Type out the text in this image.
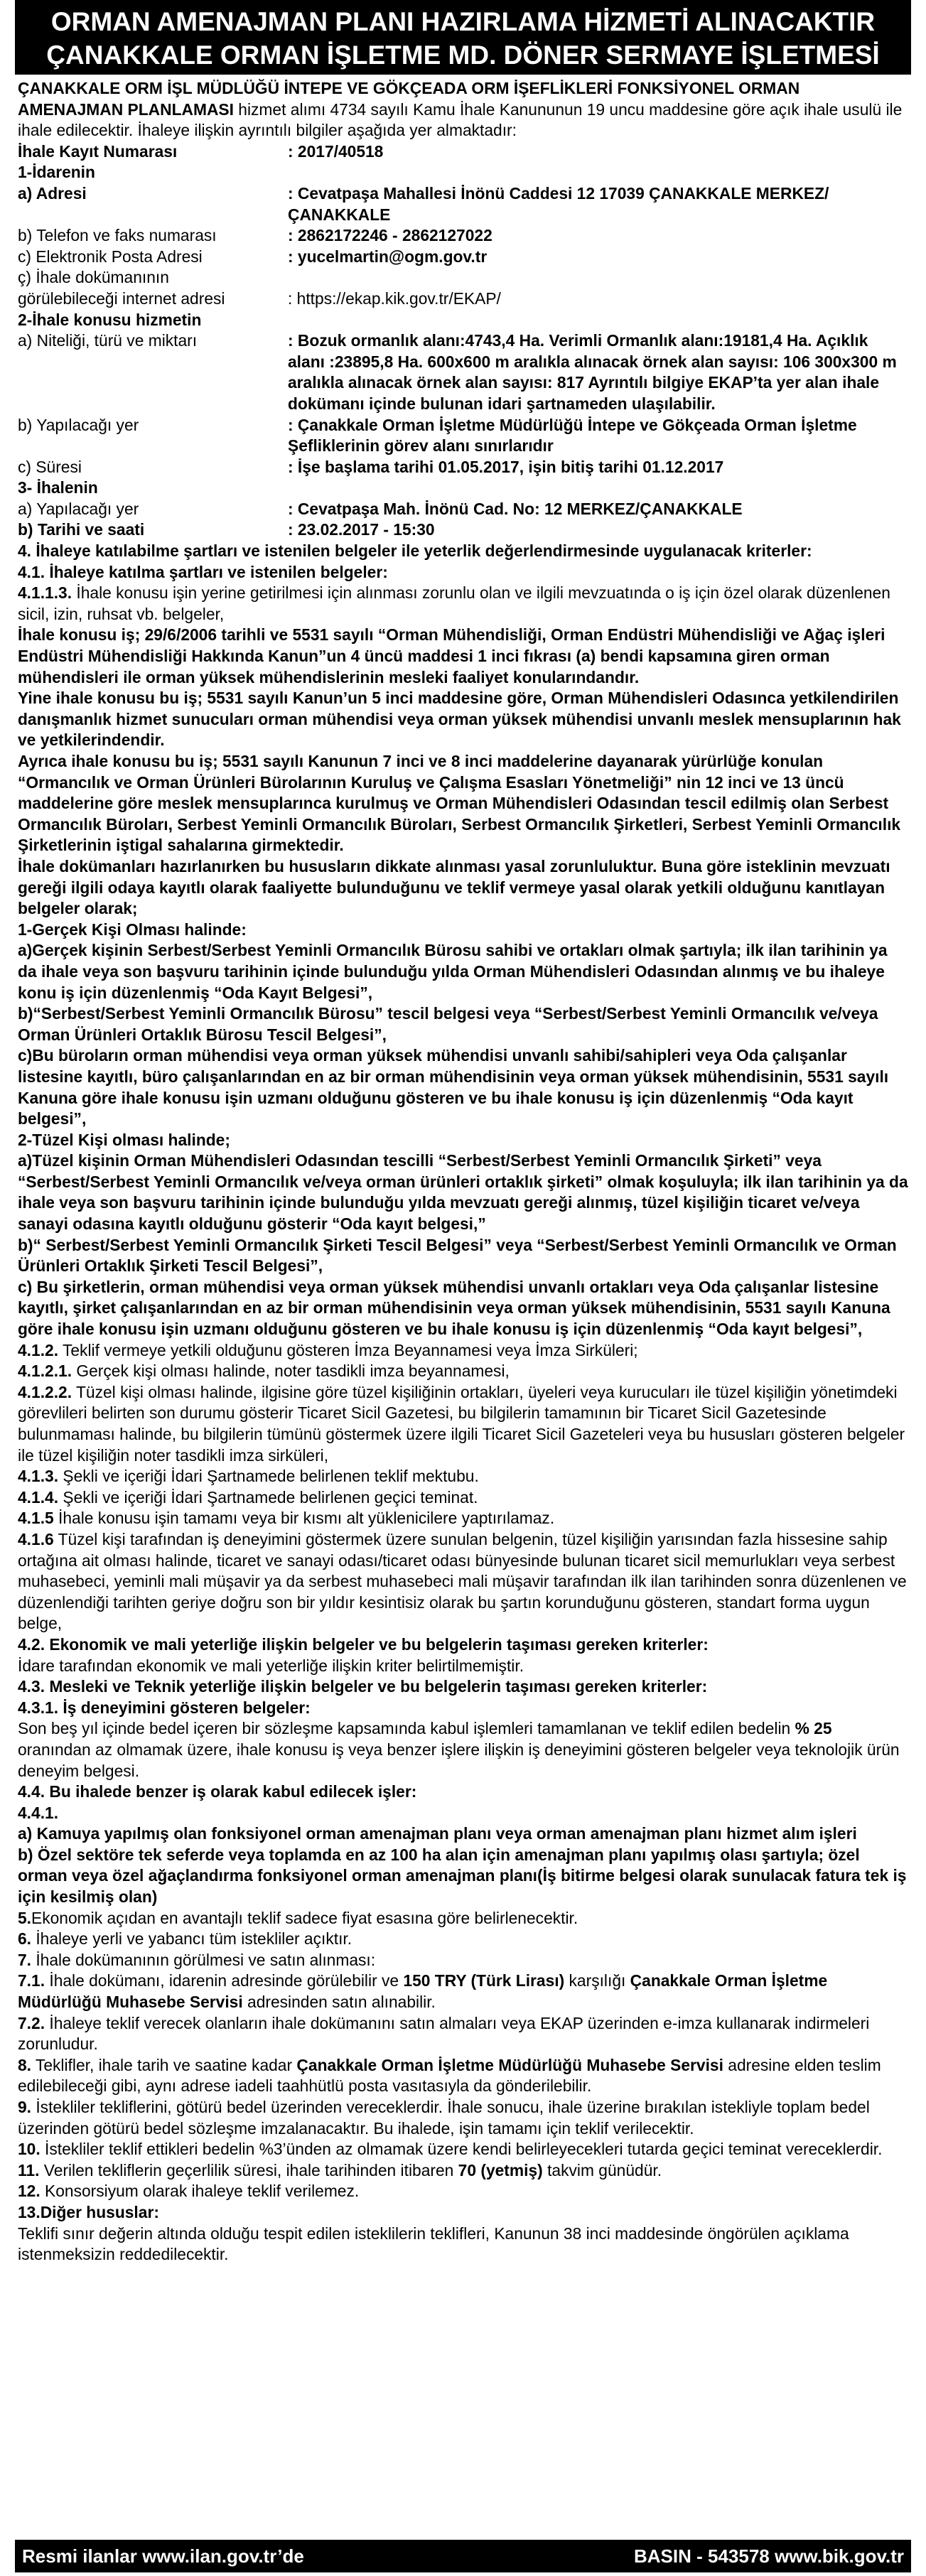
ORMAN AMENAJMAN PLANI HAZIRLAMA HİZMETİ ALINACAKTIR
ÇANAKKALE ORMAN İŞLETME MD. DÖNER SERMAYE İŞLETMESİ

ÇANAKKALE ORM İŞL MÜDLÜĞÜ İNTEPE VE GÖKÇEADA ORM İŞEFLİKLERİ FONKSİYONEL ORMAN AMENAJMAN PLANLAMASI hizmet alımı 4734 sayılı Kamu İhale Kanununun 19 uncu maddesine göre açık ihale usulü ile ihale edilecektir. İhaleye ilişkin ayrıntılı bilgiler aşağıda yer almaktadır:

İhale Kayıt Numarası	: 2017/40518

1-İdarenin

a) Adresi	: Cevatpaşa Mahallesi İnönü Caddesi 12 17039 ÇANAKKALE MERKEZ/ÇANAKKALE
b) Telefon ve faks numarası	: 2862172246 - 2862127022
c) Elektronik Posta Adresi	: yucelmartin@ogm.gov.tr
ç) İhale dokümanının
görülebileceği internet adresi	: https://ekap.kik.gov.tr/EKAP/

2-İhale konusu hizmetin

a) Niteliği, türü ve miktarı	: Bozuk ormanlık alanı:4743,4 Ha. Verimli Ormanlık alanı:19181,4 Ha. Açıklık alanı :23895,8 Ha. 600x600 m aralıkla alınacak örnek alan sayısı: 106 300x300 m aralıkla alınacak örnek alan sayısı: 817 Ayrıntılı bilgiye EKAP’ta yer alan ihale dokümanı içinde bulunan idari şartnameden ulaşılabilir.
b) Yapılacağı yer	: Çanakkale Orman İşletme Müdürlüğü İntepe ve Gökçeada Orman İşletme Şefliklerinin görev alanı sınırlarıdır
c) Süresi	: İşe başlama tarihi 01.05.2017, işin bitiş tarihi 01.12.2017

3- İhalenin

a) Yapılacağı yer	: Cevatpaşa Mah. İnönü Cad. No: 12 MERKEZ/ÇANAKKALE
b) Tarihi ve saati	: 23.02.2017 - 15:30

4. İhaleye katılabilme şartları ve istenilen belgeler ile yeterlik değerlendirmesinde uygulanacak kriterler:

4.1. İhaleye katılma şartları ve istenilen belgeler:

4.1.1.3. İhale konusu işin yerine getirilmesi için alınması zorunlu olan ve ilgili mevzuatında o iş için özel olarak düzenlenen sicil, izin, ruhsat vb. belgeler,

İhale konusu iş; 29/6/2006 tarihli ve 5531 sayılı “Orman Mühendisliği, Orman Endüstri Mühendisliği ve Ağaç işleri Endüstri Mühendisliği Hakkında Kanun”un 4 üncü maddesi 1 inci fıkrası (a) bendi kapsamına giren orman mühendisleri ile orman yüksek mühendislerinin mesleki faaliyet konularındandır.

Yine ihale konusu bu iş; 5531 sayılı Kanun’un 5 inci maddesine göre, Orman Mühendisleri Odasınca yetkilendirilen danışmanlık hizmet sunucuları orman mühendisi veya orman yüksek mühendisi unvanlı meslek mensuplarının hak ve yetkilerindendir.

Ayrıca ihale konusu bu iş; 5531 sayılı Kanunun 7 inci ve 8 inci maddelerine dayanarak yürürlüğe konulan “Ormancılık ve Orman Ürünleri Bürolarının Kuruluş ve Çalışma Esasları Yönetmeliği” nin 12 inci ve 13 üncü maddelerine göre meslek mensuplarınca kurulmuş ve Orman Mühendisleri Odasından tescil edilmiş olan Serbest Ormancılık Büroları, Serbest Yeminli Ormancılık Büroları, Serbest Ormancılık Şirketleri, Serbest Yeminli Ormancılık Şirketlerinin iştigal sahalarına girmektedir.

İhale dokümanları hazırlanırken bu hususların dikkate alınması yasal zorunluluktur. Buna göre isteklinin mevzuatı gereği ilgili odaya kayıtlı olarak faaliyette bulunduğunu ve teklif vermeye yasal olarak yetkili olduğunu kanıtlayan belgeler olarak;

1-Gerçek Kişi Olması halinde:

a)Gerçek kişinin Serbest/Serbest Yeminli Ormancılık Bürosu sahibi ve ortakları olmak şartıyla; ilk ilan tarihinin ya da ihale veya son başvuru tarihinin içinde bulunduğu yılda Orman Mühendisleri Odasından alınmış ve bu ihaleye konu iş için düzenlenmiş “Oda Kayıt Belgesi”,

b)“Serbest/Serbest Yeminli Ormancılık Bürosu” tescil belgesi veya “Serbest/Serbest Yeminli Ormancılık ve/veya Orman Ürünleri Ortaklık Bürosu Tescil Belgesi”,

c)Bu büroların orman mühendisi veya orman yüksek mühendisi unvanlı sahibi/sahipleri veya Oda çalışanlar listesine kayıtlı, büro çalışanlarından en az bir orman mühendisinin veya orman yüksek mühendisinin, 5531 sayılı Kanuna göre ihale konusu işin uzmanı olduğunu gösteren ve bu ihale konusu iş için düzenlenmiş “Oda kayıt belgesi”,

2-Tüzel Kişi olması halinde;

a)Tüzel kişinin Orman Mühendisleri Odasından tescilli “Serbest/Serbest Yeminli Ormancılık Şirketi” veya “Serbest/Serbest Yeminli Ormancılık ve/veya orman ürünleri ortaklık şirketi” olmak koşuluyla; ilk ilan tarihinin ya da ihale veya son başvuru tarihinin içinde bulunduğu yılda mevzuatı gereği alınmış, tüzel kişiliğin ticaret ve/veya sanayi odasına kayıtlı olduğunu gösterir “Oda kayıt belgesi,”

b)“ Serbest/Serbest Yeminli Ormancılık Şirketi Tescil Belgesi” veya “Serbest/Serbest Yeminli Ormancılık ve Orman Ürünleri Ortaklık Şirketi Tescil Belgesi”,

c) Bu şirketlerin, orman mühendisi veya orman yüksek mühendisi unvanlı ortakları veya Oda çalışanlar listesine kayıtlı, şirket çalışanlarından en az bir orman mühendisinin veya orman yüksek mühendisinin, 5531 sayılı Kanuna göre ihale konusu işin uzmanı olduğunu gösteren ve bu ihale konusu iş için düzenlenmiş “Oda kayıt belgesi”,

4.1.2. Teklif vermeye yetkili olduğunu gösteren İmza Beyannamesi veya İmza Sirküleri;

4.1.2.1. Gerçek kişi olması halinde, noter tasdikli imza beyannamesi,

4.1.2.2. Tüzel kişi olması halinde, ilgisine göre tüzel kişiliğinin ortakları, üyeleri veya kurucuları ile tüzel kişiliğin yönetimdeki görevlileri belirten son durumu gösterir Ticaret Sicil Gazetesi, bu bilgilerin tamamının bir Ticaret Sicil Gazetesinde bulunmaması halinde, bu bilgilerin tümünü göstermek üzere ilgili Ticaret Sicil Gazeteleri veya bu hususları gösteren belgeler ile tüzel kişiliğin noter tasdikli imza sirküleri,

4.1.3. Şekli ve içeriği İdari Şartnamede belirlenen teklif mektubu.

4.1.4. Şekli ve içeriği İdari Şartnamede belirlenen geçici teminat.

4.1.5 İhale konusu işin tamamı veya bir kısmı alt yüklenicilere yaptırılamaz.

4.1.6 Tüzel kişi tarafından iş deneyimini göstermek üzere sunulan belgenin, tüzel kişiliğin yarısından fazla hissesine sahip ortağına ait olması halinde, ticaret ve sanayi odası/ticaret odası bünyesinde bulunan ticaret sicil memurlukları veya serbest muhasebeci, yeminli mali müşavir ya da serbest muhasebeci mali müşavir tarafından ilk ilan tarihinden sonra düzenlenen ve düzenlendiği tarihten geriye doğru son bir yıldır kesintisiz olarak bu şartın korunduğunu gösteren, standart forma uygun belge,

4.2. Ekonomik ve mali yeterliğe ilişkin belgeler ve bu belgelerin taşıması gereken kriterler:

İdare tarafından ekonomik ve mali yeterliğe ilişkin kriter belirtilmemiştir.

4.3. Mesleki ve Teknik yeterliğe ilişkin belgeler ve bu belgelerin taşıması gereken kriterler:

4.3.1. İş deneyimini gösteren belgeler:

Son beş yıl içinde bedel içeren bir sözleşme kapsamında kabul işlemleri tamamlanan ve teklif edilen bedelin % 25 oranından az olmamak üzere, ihale konusu iş veya benzer işlere ilişkin iş deneyimini gösteren belgeler veya teknolojik ürün deneyim belgesi.

4.4. Bu ihalede benzer iş olarak kabul edilecek işler:

4.4.1.

a) Kamuya yapılmış olan fonksiyonel orman amenajman planı veya orman amenajman planı hizmet alım işleri

b) Özel sektöre tek seferde veya toplamda en az 100 ha alan için amenajman planı yapılmış olası şartıyla; özel orman veya özel ağaçlandırma fonksiyonel orman amenajman planı(İş bitirme belgesi olarak sunulacak fatura tek iş için kesilmiş olan)

5.Ekonomik açıdan en avantajlı teklif sadece fiyat esasına göre belirlenecektir.

6. İhaleye yerli ve yabancı tüm istekliler açıktır.

7. İhale dokümanının görülmesi ve satın alınması:

7.1. İhale dokümanı, idarenin adresinde görülebilir ve 150 TRY (Türk Lirası) karşılığı Çanakkale Orman İşletme Müdürlüğü Muhasebe Servisi adresinden satın alınabilir.

7.2. İhaleye teklif verecek olanların ihale dokümanını satın almaları veya EKAP üzerinden e-imza kullanarak indirmeleri zorunludur.

8. Teklifler, ihale tarih ve saatine kadar Çanakkale Orman İşletme Müdürlüğü Muhasebe Servisi adresine elden teslim edilebileceği gibi, aynı adrese iadeli taahhütlü posta vasıtasıyla da gönderilebilir.

9. İstekliler tekliflerini, götürü bedel üzerinden vereceklerdir. İhale sonucu, ihale üzerine bırakılan istekliyle toplam bedel üzerinden götürü bedel sözleşme imzalanacaktır. Bu ihalede, işin tamamı için teklif verilecektir.

10. İstekliler teklif ettikleri bedelin %3’ünden az olmamak üzere kendi belirleyecekleri tutarda geçici teminat vereceklerdir.

11. Verilen tekliflerin geçerlilik süresi, ihale tarihinden itibaren 70 (yetmiş) takvim günüdür.

12. Konsorsiyum olarak ihaleye teklif verilemez.

13.Diğer hususlar:

Teklifi sınır değerin altında olduğu tespit edilen isteklilerin teklifleri, Kanunun 38 inci maddesinde öngörülen açıklama istenmeksizin reddedilecektir.

Resmi ilanlar www.ilan.gov.tr’de	BASIN - 543578 www.bik.gov.tr
